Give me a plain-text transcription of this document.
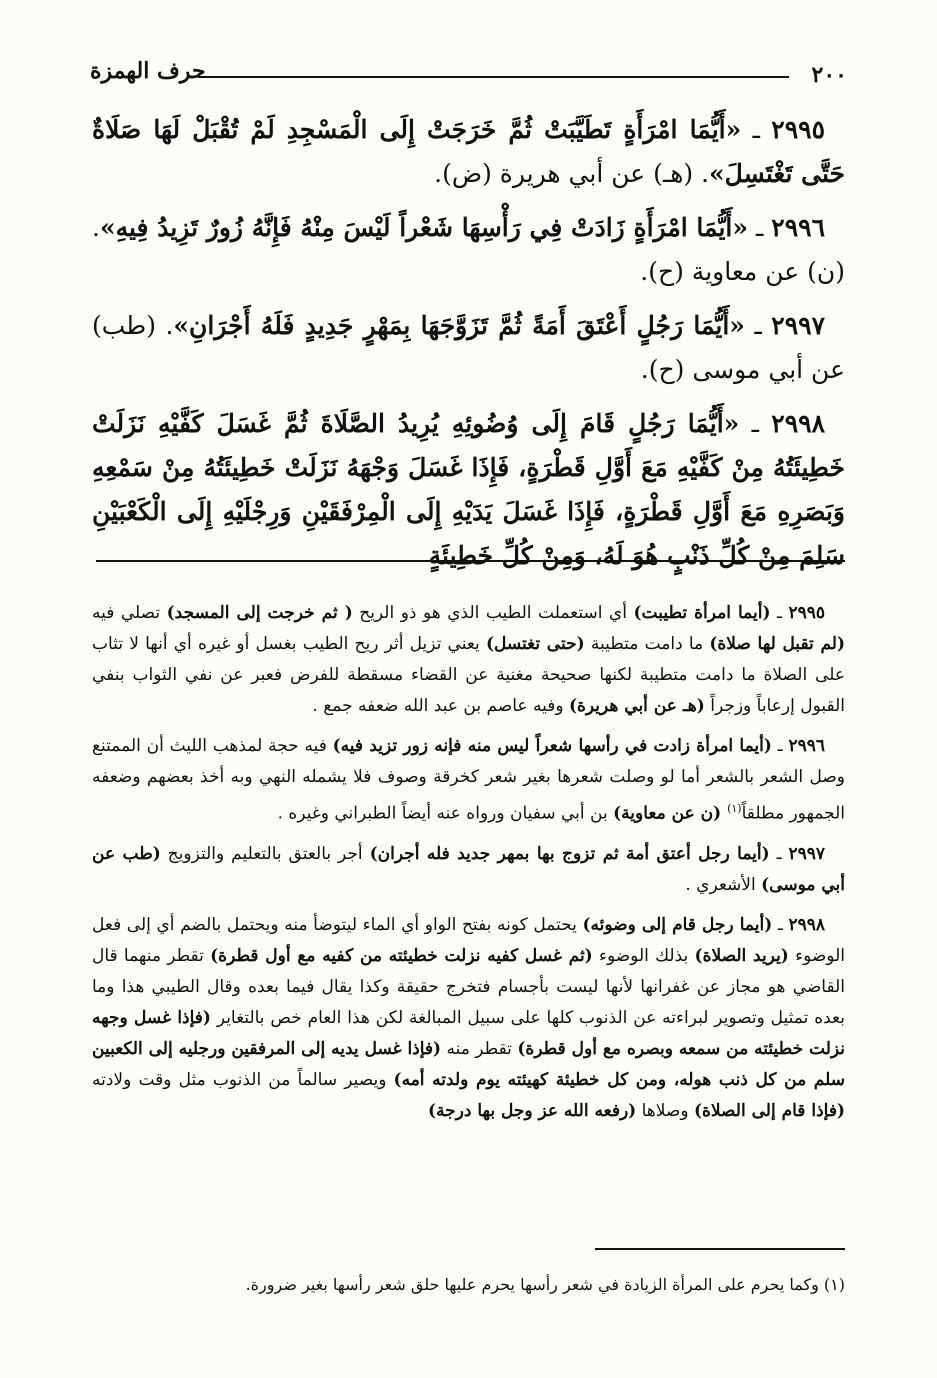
٢٠٠
حرف الهمزة

٢٩٩٥ ـ «أَيُّمَا امْرَأَةٍ تَطَيَّبَتْ ثُمَّ خَرَجَتْ إِلَى الْمَسْجِدِ لَمْ تُقْبَلْ لَهَا صَلَاةٌ حَتَّى تَغْتَسِلَ». (هـ) عن أبي هريرة (ض).

٢٩٩٦ ـ «أَيُّمَا امْرَأَةٍ زَادَتْ فِي رَأْسِهَا شَعْراً لَيْسَ مِنْهُ فَإِنَّهُ زُورٌ تَزِيدُ فِيهِ». (ن) عن معاوية (ح).

٢٩٩٧ ـ «أَيُّمَا رَجُلٍ أَعْتَقَ أَمَةً ثُمَّ تَزَوَّجَهَا بِمَهْرٍ جَدِيدٍ فَلَهُ أَجْرَانِ». (طب) عن أبي موسى (ح).

٢٩٩٨ ـ «أَيُّمَا رَجُلٍ قَامَ إِلَى وُضُوئِهِ يُرِيدُ الصَّلَاةَ ثُمَّ غَسَلَ كَفَّيْهِ نَزَلَتْ خَطِيئَتُهُ مِنْ كَفَّيْهِ مَعَ أَوَّلِ قَطْرَةٍ، فَإِذَا غَسَلَ وَجْهَهُ نَزَلَتْ خَطِيئَتُهُ مِنْ سَمْعِهِ وَبَصَرِهِ مَعَ أَوَّلِ قَطْرَةٍ، فَإِذَا غَسَلَ يَدَيْهِ إِلَى الْمِرْفَقَيْنِ وَرِجْلَيْهِ إِلَى الْكَعْبَيْنِ سَلِمَ مِنْ كُلِّ ذَنْبٍ هُوَ لَهُ، وَمِنْ كُلِّ خَطِيئَةٍ

٢٩٩٥ ـ (أيما امرأة تطيبت) أي استعملت الطيب الذي هو ذو الريح ( ثم خرجت إلى المسجد) تصلي فيه (لم تقبل لها صلاة) ما دامت متطيبة (حتى تغتسل) يعني تزيل أثر ريح الطيب بغسل أو غيره أي أنها لا تثاب على الصلاة ما دامت متطيبة لكنها صحيحة مغنية عن القضاء مسقطة للفرض فعبر عن نفي الثواب بنفي القبول إرعاباً وزجراً (هـ عن أبي هريرة) وفيه عاصم بن عبد الله ضعفه جمع .

٢٩٩٦ ـ (أيما امرأة زادت في رأسها شعراً ليس منه فإنه زور تزيد فيه) فيه حجة لمذهب الليث أن الممتنع وصل الشعر بالشعر أما لو وصلت شعرها بغير شعر كخرقة وصوف فلا يشمله النهي وبه أخذ بعضهم وضعفه الجمهور مطلقاً$^{(١)}$ (ن عن معاوية) بن أبي سفيان ورواه عنه أيضاً الطبراني وغيره .

٢٩٩٧ ـ (أيما رجل أعتق أمة ثم تزوج بها بمهر جديد فله أجران) أجر بالعتق بالتعليم والتزويج (طب عن أبي موسى) الأشعري .

٢٩٩٨ ـ (أيما رجل قام إلى وضوئه) يحتمل كونه بفتح الواو أي الماء ليتوضأ منه ويحتمل بالضم أي إلى فعل الوضوء (يريد الصلاة) بذلك الوضوء (ثم غسل كفيه نزلت خطيئته من كفيه مع أول قطرة) تقطر منهما قال القاضي هو مجاز عن غفرانها لأنها ليست بأجسام فتخرج حقيقة وكذا يقال فيما بعده وقال الطيبي هذا وما بعده تمثيل وتصوير لبراءته عن الذنوب كلها على سبيل المبالغة لكن هذا العام خص بالتغاير (فإذا غسل وجهه نزلت خطيئته من سمعه وبصره مع أول قطرة) تقطر منه (فإذا غسل يديه إلى المرفقين ورجليه إلى الكعبين سلم من كل ذنب هوله، ومن كل خطيئة كهيئته يوم ولدته أمه) ويصير سالماً من الذنوب مثل وقت ولادته (فإذا قام إلى الصلاة) وصلاها (رفعه الله عز وجل بها درجة)

(١) وكما يحرم على المرأة الزيادة في شعر رأسها يحرم عليها حلق شعر رأسها بغير ضرورة.
